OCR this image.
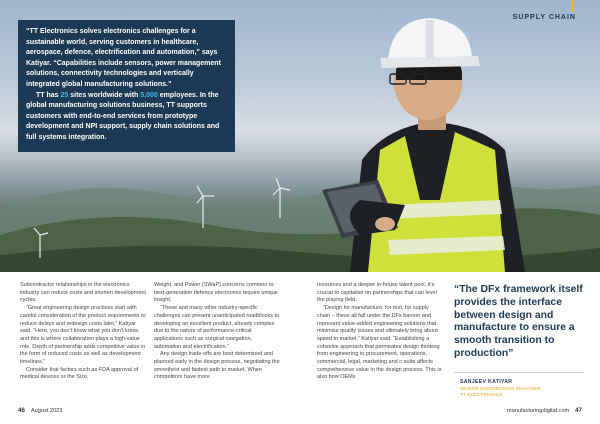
“TT Electronics solves electronics challenges for a sustainable world, serving customers in healthcare, aerospace, defence, electrification and automation,” says Katiyar. “Capabilities include sensors, power management solutions, connectivity technologies and vertically integrated global manufacturing solutions.”

TT has 25 sites worldwide with 5,000 employees. In the global manufacturing solutions business, TT supports customers with end-to-end services from prototype development and NPI support, supply chain solutions and full systems integration.

SUPPLY CHAIN

Subcontractor relationships in the electronics industry can reduce costs and shorten development cycles.

“Great engineering design practices start with careful consideration of the product requirements to reduce delays and redesign costs later,” Katiyar said. “Here, you don’t know what you don’t know, and this is where collaboration plays a high-value role. Depth of partnership adds competitive value in the form of reduced costs as well as development timelines.”

Consider that factors such as FDA approval of medical devices or the Size,

Weight, and Power (SWaP) concerns common to next-generation defence electronics require unique insight.

“These and many other industry-specific challenges can present unanticipated roadblocks to developing an excellent product, already complex due to the nature of performance-critical applications such as surgical navigation, automation and electrification.”

Any design trade-offs are best determined and planned early in the design process, negotiating the smoothest and fastest path to market. When competitors have more

resources and a deeper in-house talent pool, it’s crucial to capitalise on partnerships that can level the playing field.

“Design for manufacture, for test, for supply chain – these all fall under the DFx banner and represent value-added engineering solutions that minimise quality issues and ultimately bring about speed to market,” Katiyar said. “Establishing a cohesive approach that permeates design thinking from engineering to procurement, operations, commercial, legal, marketing and c-suite affects comprehensive value in the design process. This is also how OEMs

“The DFx framework itself provides the interface between design and manufacture to ensure a smooth transition to production”
SANJEEV KATIYAR
SENIOR ENGINEERING MANAGER
TT ELECTRONICS
46 August 2023	manufacturingdigital.com 47
